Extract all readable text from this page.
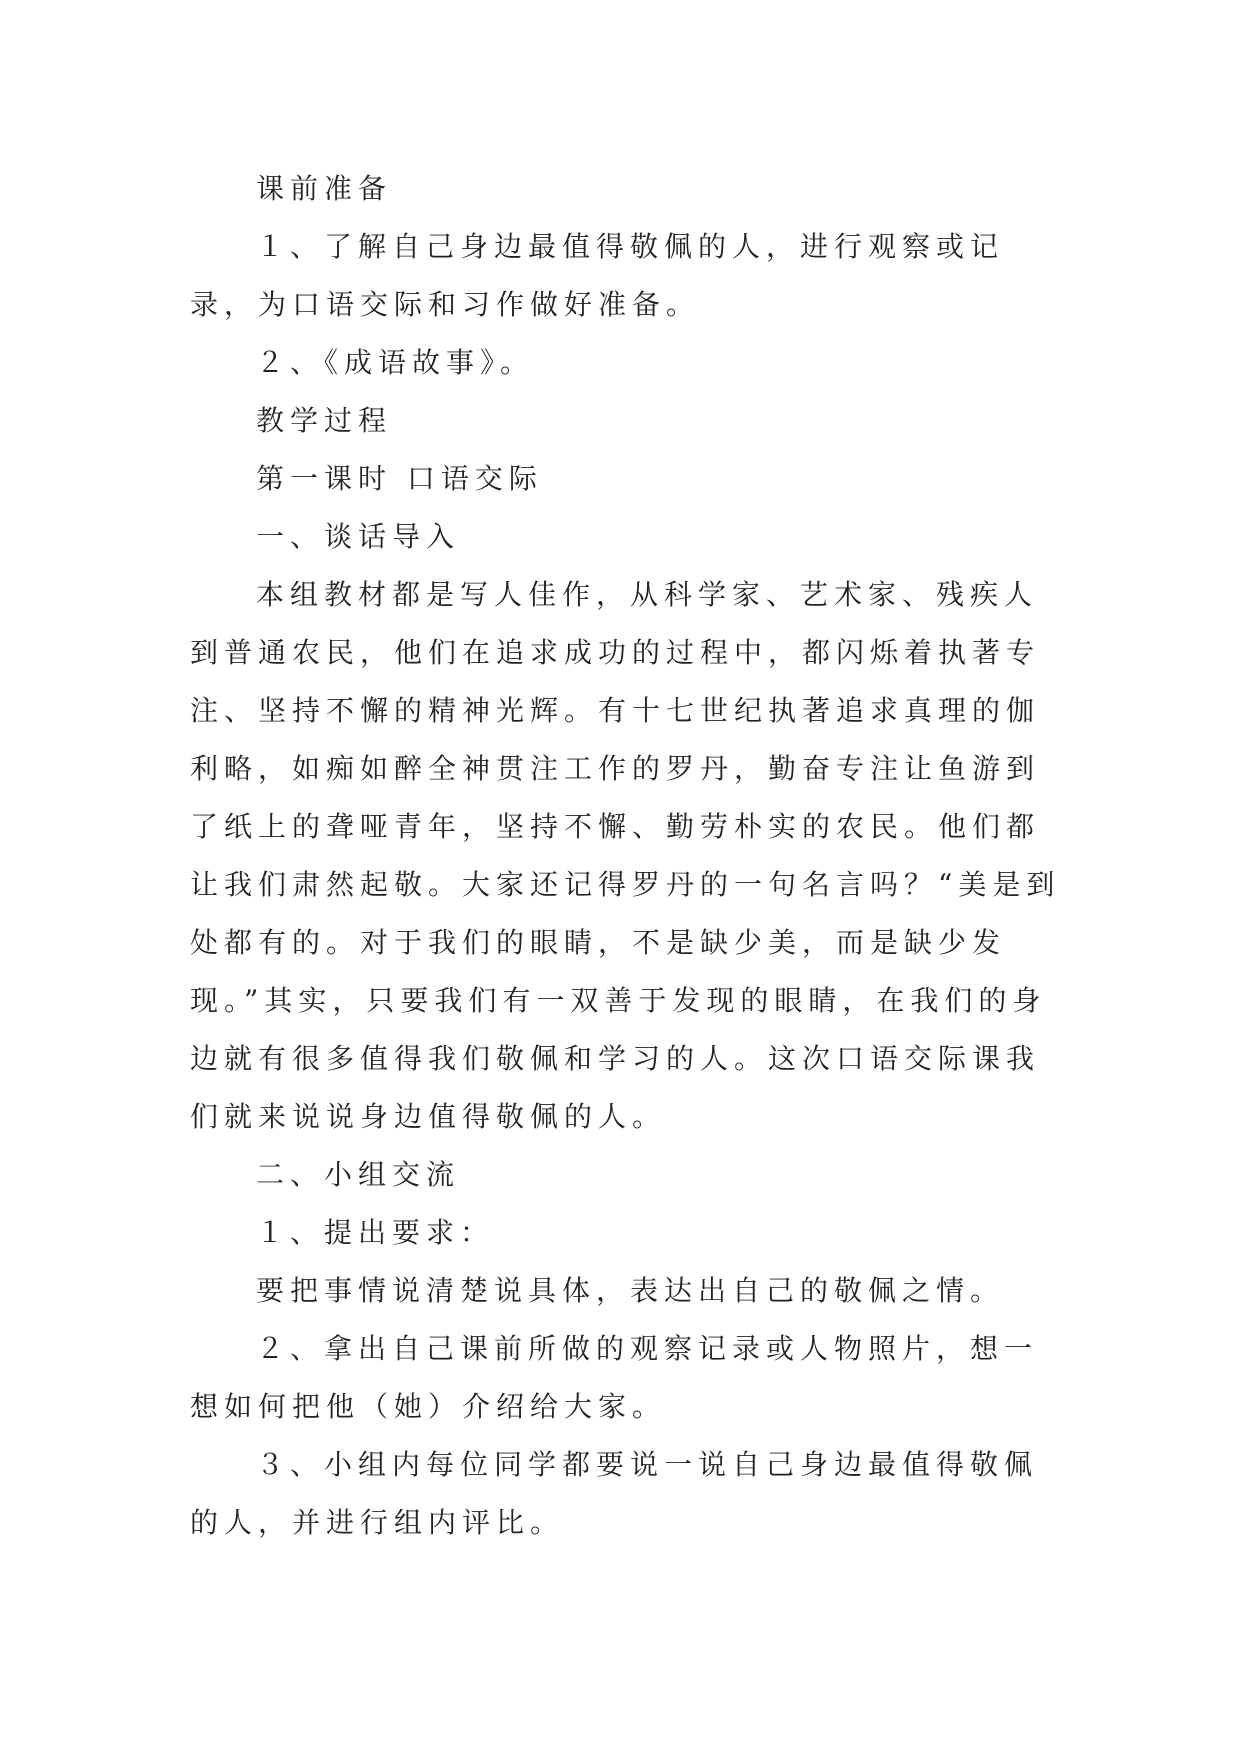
课前准备

１、了解自己身边最值得敬佩的人，进行观察或记录，为口语交际和习作做好准备。

２、《成语故事》。

教学过程

第一课时 口语交际

一、谈话导入

本组教材都是写人佳作，从科学家、艺术家、残疾人到普通农民，他们在追求成功的过程中，都闪烁着执著专注、坚持不懈的精神光辉。有十七世纪执著追求真理的伽利略，如痴如醉全神贯注工作的罗丹，勤奋专注让鱼游到了纸上的聋哑青年，坚持不懈、勤劳朴实的农民。他们都让我们肃然起敬。大家还记得罗丹的一句名言吗？“美是到处都有的。对于我们的眼睛，不是缺少美，而是缺少发现。”其实，只要我们有一双善于发现的眼睛，在我们的身边就有很多值得我们敬佩和学习的人。这次口语交际课我们就来说说身边值得敬佩的人。

二、小组交流

１、提出要求：

要把事情说清楚说具体，表达出自己的敬佩之情。

２、拿出自己课前所做的观察记录或人物照片，想一想如何把他（她）介绍给大家。

３、小组内每位同学都要说一说自己身边最值得敬佩的人，并进行组内评比。
